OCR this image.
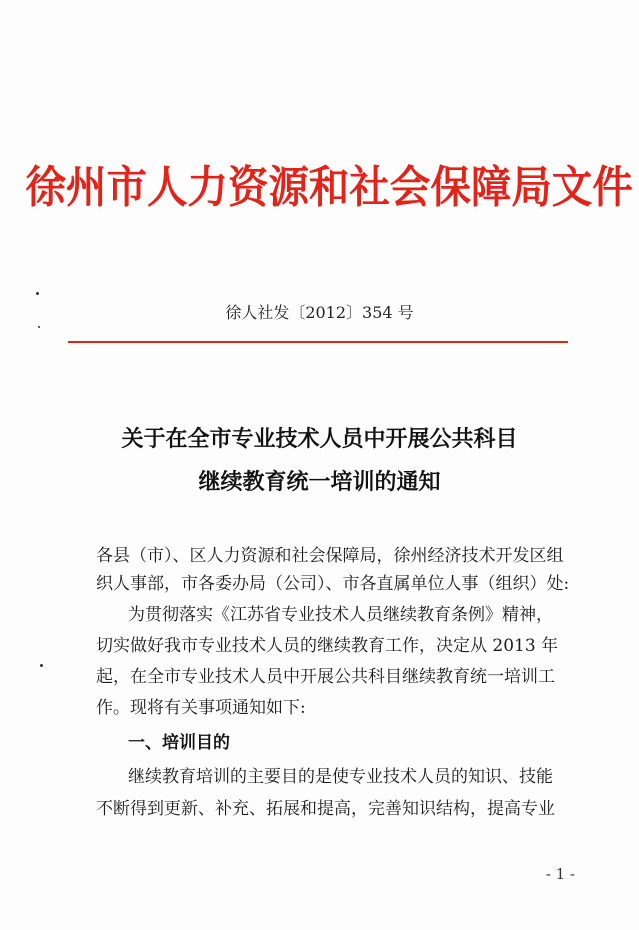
徐州市人力资源和社会保障局文件
徐人社发〔2012〕354 号
关于在全市专业技术人员中开展公共科目
继续教育统一培训的通知
各县（市）、区人力资源和社会保障局，徐州经济技术开发区组
织人事部，市各委办局（公司）、市各直属单位人事（组织）处:
为贯彻落实《江苏省专业技术人员继续教育条例》精神，
切实做好我市专业技术人员的继续教育工作，决定从 2013 年
起，在全市专业技术人员中开展公共科目继续教育统一培训工
作。现将有关事项通知如下:
一、培训目的
继续教育培训的主要目的是使专业技术人员的知识、技能
不断得到更新、补充、拓展和提高，完善知识结构，提高专业
- 1 -
